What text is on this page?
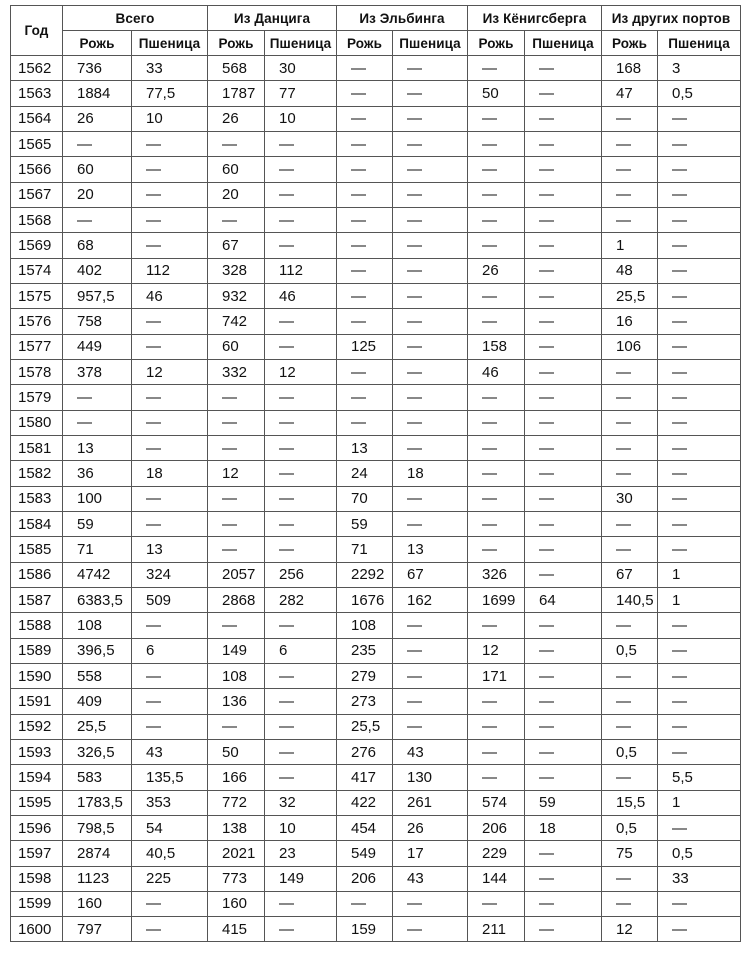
Год	Всего		Из Данцига		Из Эльбинга		Из Кёнигсберга		Из других портов	
	Рожь	Пшеница	Рожь	Пшеница	Рожь	Пшеница	Рожь	Пшеница	Рожь	Пшеница
1562	736	33	568	30	—	—	—	—	168	3
1563	1884	77,5	1787	77	—	—	50	—	47	0,5
1564	26	10	26	10	—	—	—	—	—	—
1565	—	—	—	—	—	—	—	—	—	—
1566	60	—	60	—	—	—	—	—	—	—
1567	20	—	20	—	—	—	—	—	—	—
1568	—	—	—	—	—	—	—	—	—	—
1569	68	—	67	—	—	—	—	—	1	—
1574	402	112	328	112	—	—	26	—	48	—
1575	957,5	46	932	46	—	—	—	—	25,5	—
1576	758	—	742	—	—	—	—	—	16	—
1577	449	—	60	—	125	—	158	—	106	—
1578	378	12	332	12	—	—	46	—	—	—
1579	—	—	—	—	—	—	—	—	—	—
1580	—	—	—	—	—	—	—	—	—	—
1581	13	—	—	—	13	—	—	—	—	—
1582	36	18	12	—	24	18	—	—	—	—
1583	100	—	—	—	70	—	—	—	30	—
1584	59	—	—	—	59	—	—	—	—	—
1585	71	13	—	—	71	13	—	—	—	—
1586	4742	324	2057	256	2292	67	326	—	67	1
1587	6383,5	509	2868	282	1676	162	1699	64	140,5	1
1588	108	—	—	—	108	—	—	—	—	—
1589	396,5	6	149	6	235	—	12	—	0,5	—
1590	558	—	108	—	279	—	171	—	—	—
1591	409	—	136	—	273	—	—	—	—	—
1592	25,5	—	—	—	25,5	—	—	—	—	—
1593	326,5	43	50	—	276	43	—	—	0,5	—
1594	583	135,5	166	—	417	130	—	—	—	5,5
1595	1783,5	353	772	32	422	261	574	59	15,5	1
1596	798,5	54	138	10	454	26	206	18	0,5	—
1597	2874	40,5	2021	23	549	17	229	—	75	0,5
1598	1123	225	773	149	206	43	144	—	—	33
1599	160	—	160	—	—	—	—	—	—	—
1600	797	—	415	—	159	—	211	—	12	—
